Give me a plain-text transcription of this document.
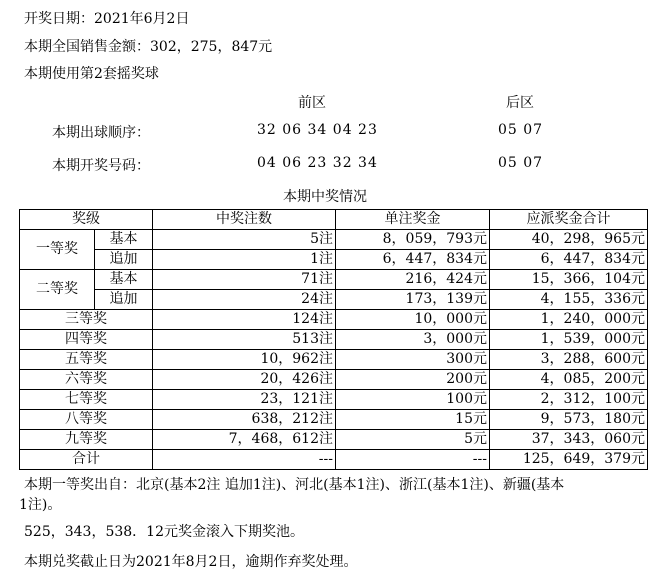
开奖日期：2021年6月2日
本期全国销售金额：302，275，847元
本期使用第2套摇奖球
前区	后区
本期出球顺序：	32 06 34 04 23	05 07
本期开奖号码：	04 06 23 32 34	05 07
本期中奖情况
奖级		中奖注数	单注奖金	应派奖金合计
一等奖	基本	5注	8，059，793元	40，298，965元
	追加	1注	6，447，834元	6，447，834元
二等奖	基本	71注	216，424元	15，366，104元
	追加	24注	173，139元	4，155，336元
三等奖		124注	10，000元	1，240，000元
四等奖		513注	3，000元	1，539，000元
五等奖		10，962注	300元	3，288，600元
六等奖		20，426注	200元	4，085，200元
七等奖		23，121注	100元	2，312，100元
八等奖		638，212注	15元	9，573，180元
九等奖		7，468，612注	5元	37，343，060元
合计		---	---	125，649，379元
本期一等奖出自：北京(基本2注 追加1注)、河北(基本1注)、浙江(基本1注)、新疆(基本
1注)。
525，343，538．12元奖金滚入下期奖池。
本期兑奖截止日为2021年8月2日，逾期作弃奖处理。
